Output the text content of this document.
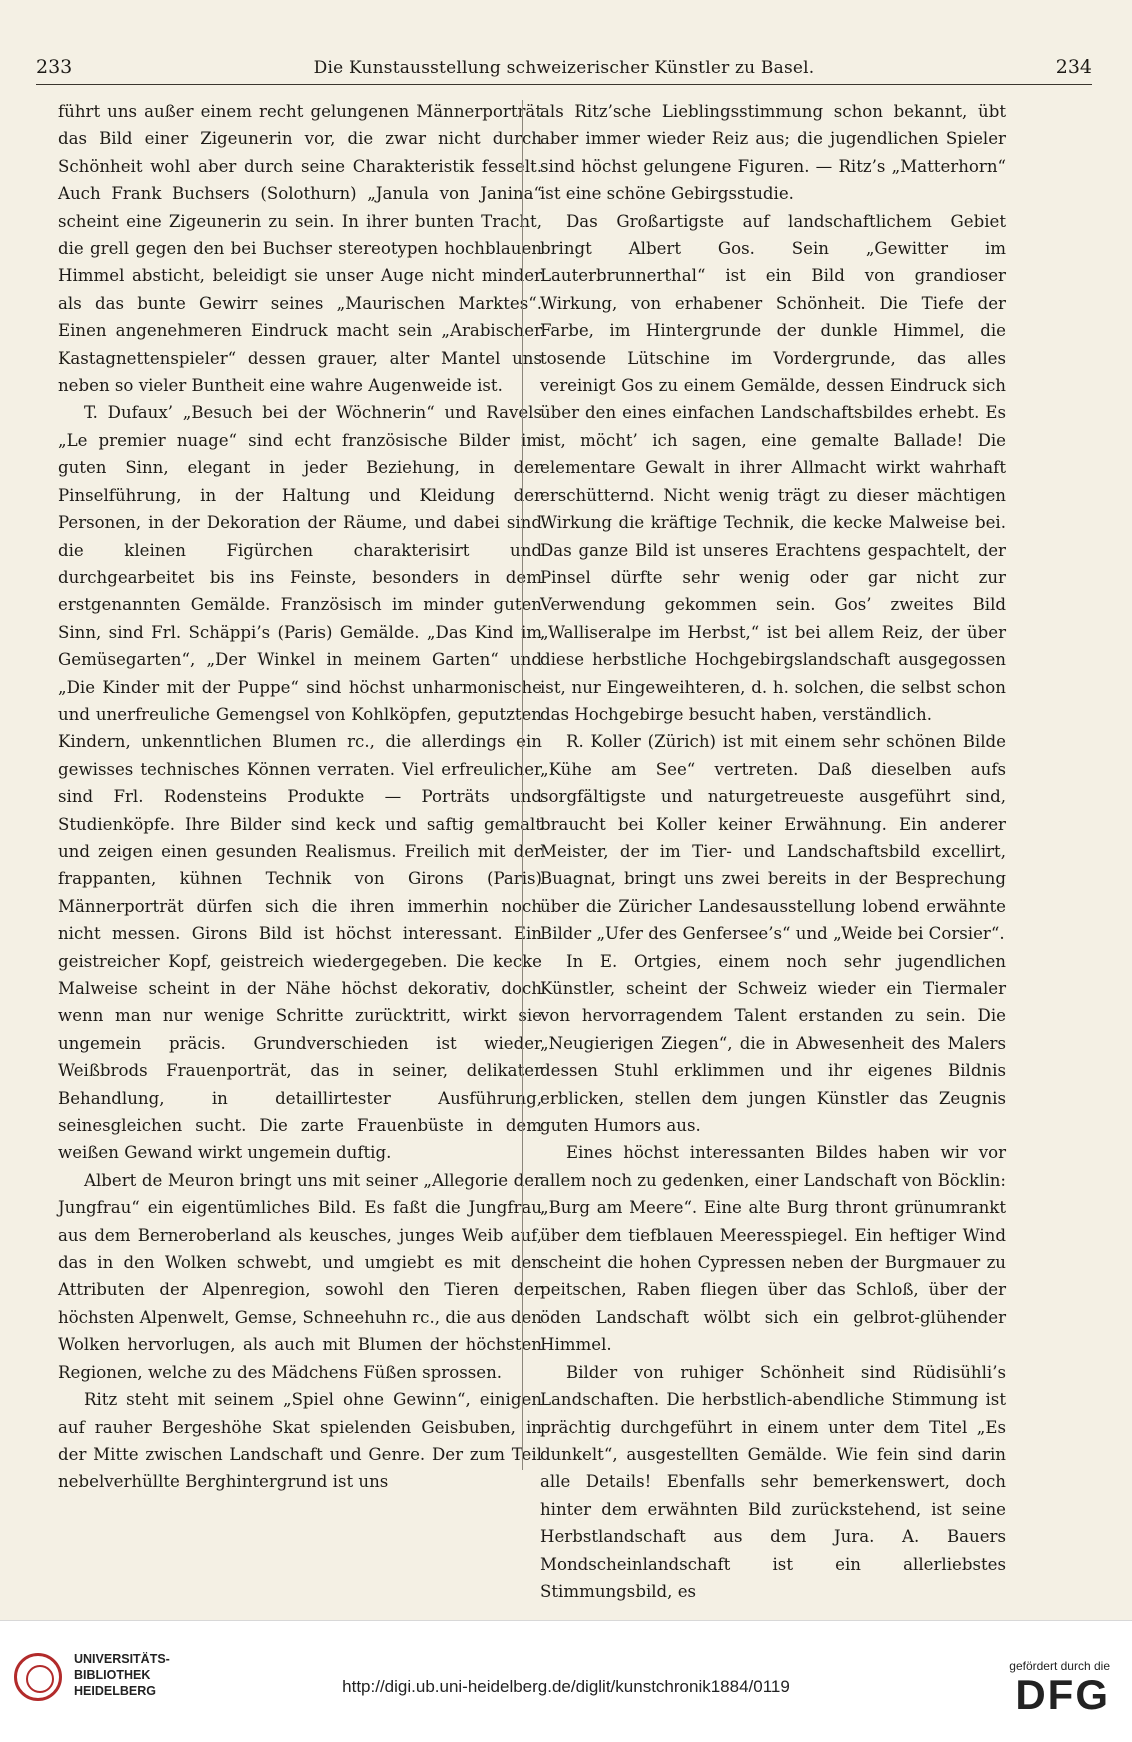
233	Die Kunstausstellung schweizerischer Künstler zu Basel.	234

führt uns außer einem recht gelungenen Männerporträt das Bild einer Zigeunerin vor, die zwar nicht durch Schönheit wohl aber durch seine Charakteristik fesselt. Auch Frank Buchsers (Solothurn) „Janula von Janina“ scheint eine Zigeunerin zu sein. In ihrer bunten Tracht, die grell gegen den bei Buchser stereotypen hochblauen Himmel absticht, beleidigt sie unser Auge nicht minder als das bunte Gewirr seines „Maurischen Marktes“. Einen angenehmeren Eindruck macht sein „Arabischer Kastagnettenspieler“ dessen grauer, alter Mantel uns neben so vieler Buntheit eine wahre Augenweide ist.

T. Dufaux’ „Besuch bei der Wöchnerin“ und Ravels „Le premier nuage“ sind echt französische Bilder im guten Sinn, elegant in jeder Beziehung, in der Pinselführung, in der Haltung und Kleidung der Personen, in der Dekoration der Räume, und dabei sind die kleinen Figürchen charakterisirt und durchgearbeitet bis ins Feinste, besonders in dem erstgenannten Gemälde. Französisch im minder guten Sinn, sind Frl. Schäppi’s (Paris) Gemälde. „Das Kind im Gemüsegarten“, „Der Winkel in meinem Garten“ und „Die Kinder mit der Puppe“ sind höchst unharmonische und unerfreuliche Gemengsel von Kohlköpfen, geputzten Kindern, unkenntlichen Blumen rc., die allerdings ein gewisses technisches Können verraten. Viel erfreulicher sind Frl. Rodensteins Produkte — Porträts und Studienköpfe. Ihre Bilder sind keck und saftig gemalt und zeigen einen gesunden Realismus. Freilich mit der frappanten, kühnen Technik von Girons (Paris) Männerporträt dürfen sich die ihren immerhin noch nicht messen. Girons Bild ist höchst interessant. Ein geistreicher Kopf, geistreich wiedergegeben. Die kecke Malweise scheint in der Nähe höchst dekorativ, doch wenn man nur wenige Schritte zurücktritt, wirkt sie ungemein präcis. Grundverschieden ist wieder Weißbrods Frauenporträt, das in seiner, delikater Behandlung, in detaillirtester Ausführung, seinesgleichen sucht. Die zarte Frauenbüste in dem weißen Gewand wirkt ungemein duftig.

Albert de Meuron bringt uns mit seiner „Allegorie der Jungfrau“ ein eigentümliches Bild. Es faßt die Jungfrau aus dem Berneroberland als keusches, junges Weib auf, das in den Wolken schwebt, und umgiebt es mit den Attributen der Alpenregion, sowohl den Tieren der höchsten Alpenwelt, Gemse, Schneehuhn rc., die aus den Wolken hervorlugen, als auch mit Blumen der höchsten Regionen, welche zu des Mädchens Füßen sprossen.

Ritz steht mit seinem „Spiel ohne Gewinn“, einigen auf rauher Bergeshöhe Skat spielenden Geisbuben, in der Mitte zwischen Landschaft und Genre. Der zum Teil nebelverhüllte Berghintergrund ist uns

als Ritz’sche Lieblingsstimmung schon bekannt, übt aber immer wieder Reiz aus; die jugendlichen Spieler sind höchst gelungene Figuren. — Ritz’s „Matterhorn“ ist eine schöne Gebirgsstudie.

Das Großartigste auf landschaftlichem Gebiet bringt Albert Gos. Sein „Gewitter im Lauterbrunnerthal“ ist ein Bild von grandioser Wirkung, von erhabener Schönheit. Die Tiefe der Farbe, im Hintergrunde der dunkle Himmel, die tosende Lütschine im Vordergrunde, das alles vereinigt Gos zu einem Gemälde, dessen Eindruck sich über den eines einfachen Landschaftsbildes erhebt. Es ist, möcht’ ich sagen, eine gemalte Ballade! Die elementare Gewalt in ihrer Allmacht wirkt wahrhaft erschütternd. Nicht wenig trägt zu dieser mächtigen Wirkung die kräftige Technik, die kecke Malweise bei. Das ganze Bild ist unseres Erachtens gespachtelt, der Pinsel dürfte sehr wenig oder gar nicht zur Verwendung gekommen sein. Gos’ zweites Bild „Walliseralpe im Herbst,“ ist bei allem Reiz, der über diese herbstliche Hochgebirgslandschaft ausgegossen ist, nur Eingeweihteren, d. h. solchen, die selbst schon das Hochgebirge besucht haben, verständlich.

R. Koller (Zürich) ist mit einem sehr schönen Bilde „Kühe am See“ vertreten. Daß dieselben aufs sorgfältigste und naturgetreueste ausgeführt sind, braucht bei Koller keiner Erwähnung. Ein anderer Meister, der im Tier- und Landschaftsbild excellirt, Buagnat, bringt uns zwei bereits in der Besprechung über die Züricher Landesausstellung lobend erwähnte Bilder „Ufer des Genfersee’s“ und „Weide bei Corsier“.

In E. Ortgies, einem noch sehr jugendlichen Künstler, scheint der Schweiz wieder ein Tiermaler von hervorragendem Talent erstanden zu sein. Die „Neugierigen Ziegen“, die in Abwesenheit des Malers dessen Stuhl erklimmen und ihr eigenes Bildnis erblicken, stellen dem jungen Künstler das Zeugnis guten Humors aus.

Eines höchst interessanten Bildes haben wir vor allem noch zu gedenken, einer Landschaft von Böcklin: „Burg am Meere“. Eine alte Burg thront grünumrankt über dem tiefblauen Meeresspiegel. Ein heftiger Wind scheint die hohen Cypressen neben der Burgmauer zu peitschen, Raben fliegen über das Schloß, über der öden Landschaft wölbt sich ein gelbrot-glühender Himmel.

Bilder von ruhiger Schönheit sind Rüdisühli’s Landschaften. Die herbstlich-abendliche Stimmung ist prächtig durchgeführt in einem unter dem Titel „Es dunkelt“, ausgestellten Gemälde. Wie fein sind darin alle Details! Ebenfalls sehr bemerkenswert, doch hinter dem erwähnten Bild zurückstehend, ist seine Herbstlandschaft aus dem Jura. A. Bauers Mondscheinlandschaft ist ein allerliebstes Stimmungsbild, es

UNIVERSITÄTS-
BIBLIOTHEK
HEIDELBERG	http://digi.ub.uni-heidelberg.de/diglit/kunstchronik1884/0119
gefördert durch die
DFG
